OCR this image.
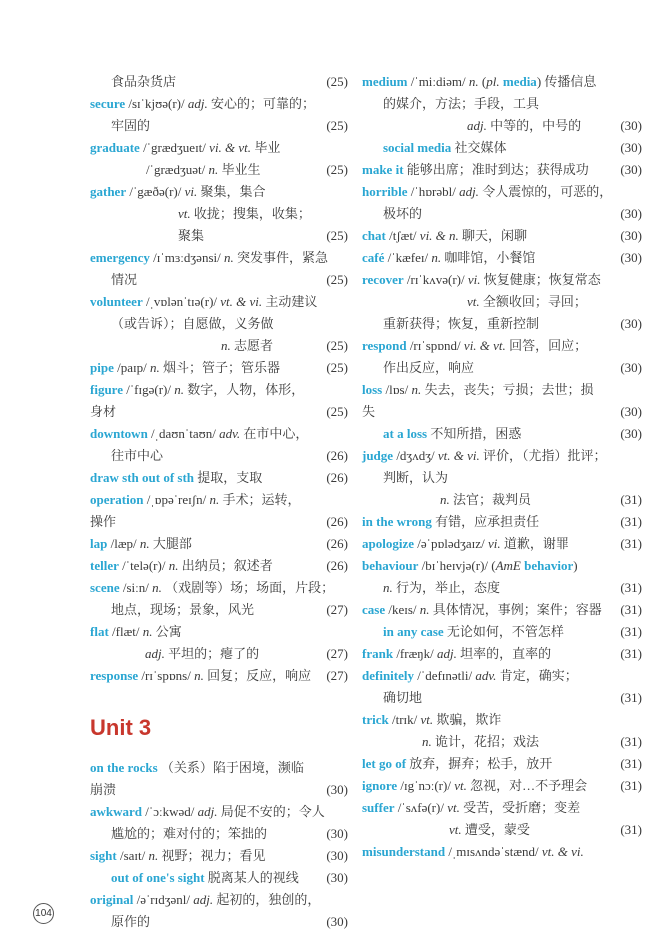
食品杂货店	(25)
secure /sɪˈkjʊə(r)/ adj. 安心的；可靠的；
牢固的	(25)
graduate /ˈgrædʒueɪt/ vi. & vt. 毕业
/ˈgrædʒuət/ n. 毕业生	(25)
gather /ˈgæðə(r)/ vi. 聚集，集合
vt. 收拢；搜集，收集；聚集	(25)
emergency /ɪˈmɜːdʒənsi/ n. 突发事件，紧急
情况	(25)
volunteer /ˌvɒlənˈtɪə(r)/ vt. & vi. 主动建议
（或告诉）；自愿做，义务做
n. 志愿者	(25)
pipe /paɪp/ n. 烟斗；管子；管乐器	(25)
figure /ˈfɪgə(r)/ n. 数字，人物，体形，身材	(25)
downtown /ˌdaʊnˈtaʊn/ adv. 在市中心，
往市中心	(26)
draw sth out of sth 提取，支取	(26)
operation /ˌɒpəˈreɪʃn/ n. 手术；运转，操作	(26)
lap /læp/ n. 大腿部	(26)
teller /ˈtelə(r)/ n. 出纳员；叙述者	(26)
scene /siːn/ n. （戏剧等）场；场面，片段；
地点，现场；景象，风光	(27)
flat /flæt/ n. 公寓
adj. 平坦的；瘪了的	(27)
response /rɪˈspɒns/ n. 回复；反应，响应	(27)
Unit 3
on the rocks （关系）陷于困境，濒临崩溃	(30)
awkward /ˈɔːkwəd/ adj. 局促不安的；令人
尴尬的；难对付的；笨拙的	(30)
sight /saɪt/ n. 视野；视力；看见	(30)
out of one's sight 脱离某人的视线	(30)
original /əˈrɪdʒənl/ adj. 起初的，独创的，
原作的	(30)
medium /ˈmiːdiəm/ n. (pl. media) 传播信息
的媒介，方法；手段，工具
adj. 中等的，中号的	(30)
social media 社交媒体	(30)
make it 能够出席；准时到达；获得成功	(30)
horrible /ˈhɒrəbl/ adj. 令人震惊的，可恶的，
极坏的	(30)
chat /tʃæt/ vi. & n. 聊天，闲聊	(30)
café /ˈkæfeɪ/ n. 咖啡馆，小餐馆	(30)
recover /rɪˈkʌvə(r)/ vi. 恢复健康；恢复常态
vt. 全额收回；寻回；
重新获得；恢复，重新控制	(30)
respond /rɪˈspɒnd/ vi. & vt. 回答，回应；
作出反应，响应	(30)
loss /lɒs/ n. 失去，丧失；亏损；去世；损失	(30)
at a loss 不知所措，困惑	(30)
judge /dʒʌdʒ/ vt. & vi. 评价，（尤指）批评；
判断，认为
n. 法官；裁判员	(31)
in the wrong 有错，应承担责任	(31)
apologize /əˈpɒlədʒaɪz/ vi. 道歉，谢罪	(31)
behaviour /bɪˈheɪvjə(r)/ (AmE behavior)
n. 行为，举止，态度	(31)
case /keɪs/ n. 具体情况，事例；案件；容器	(31)
in any case 无论如何，不管怎样	(31)
frank /fræŋk/ adj. 坦率的，直率的	(31)
definitely /ˈdefɪnətli/ adv. 肯定，确实；
确切地	(31)
trick /trɪk/ vt. 欺骗，欺诈
n. 诡计，花招；戏法	(31)
let go of 放弃，摒弃；松手，放开	(31)
ignore /ɪgˈnɔː(r)/ vt. 忽视，对…不予理会	(31)
suffer /ˈsʌfə(r)/ vt. 受苦，受折磨；变差
vt. 遭受，蒙受	(31)
misunderstand /ˌmɪsʌndəˈstænd/ vt. & vi.
104
